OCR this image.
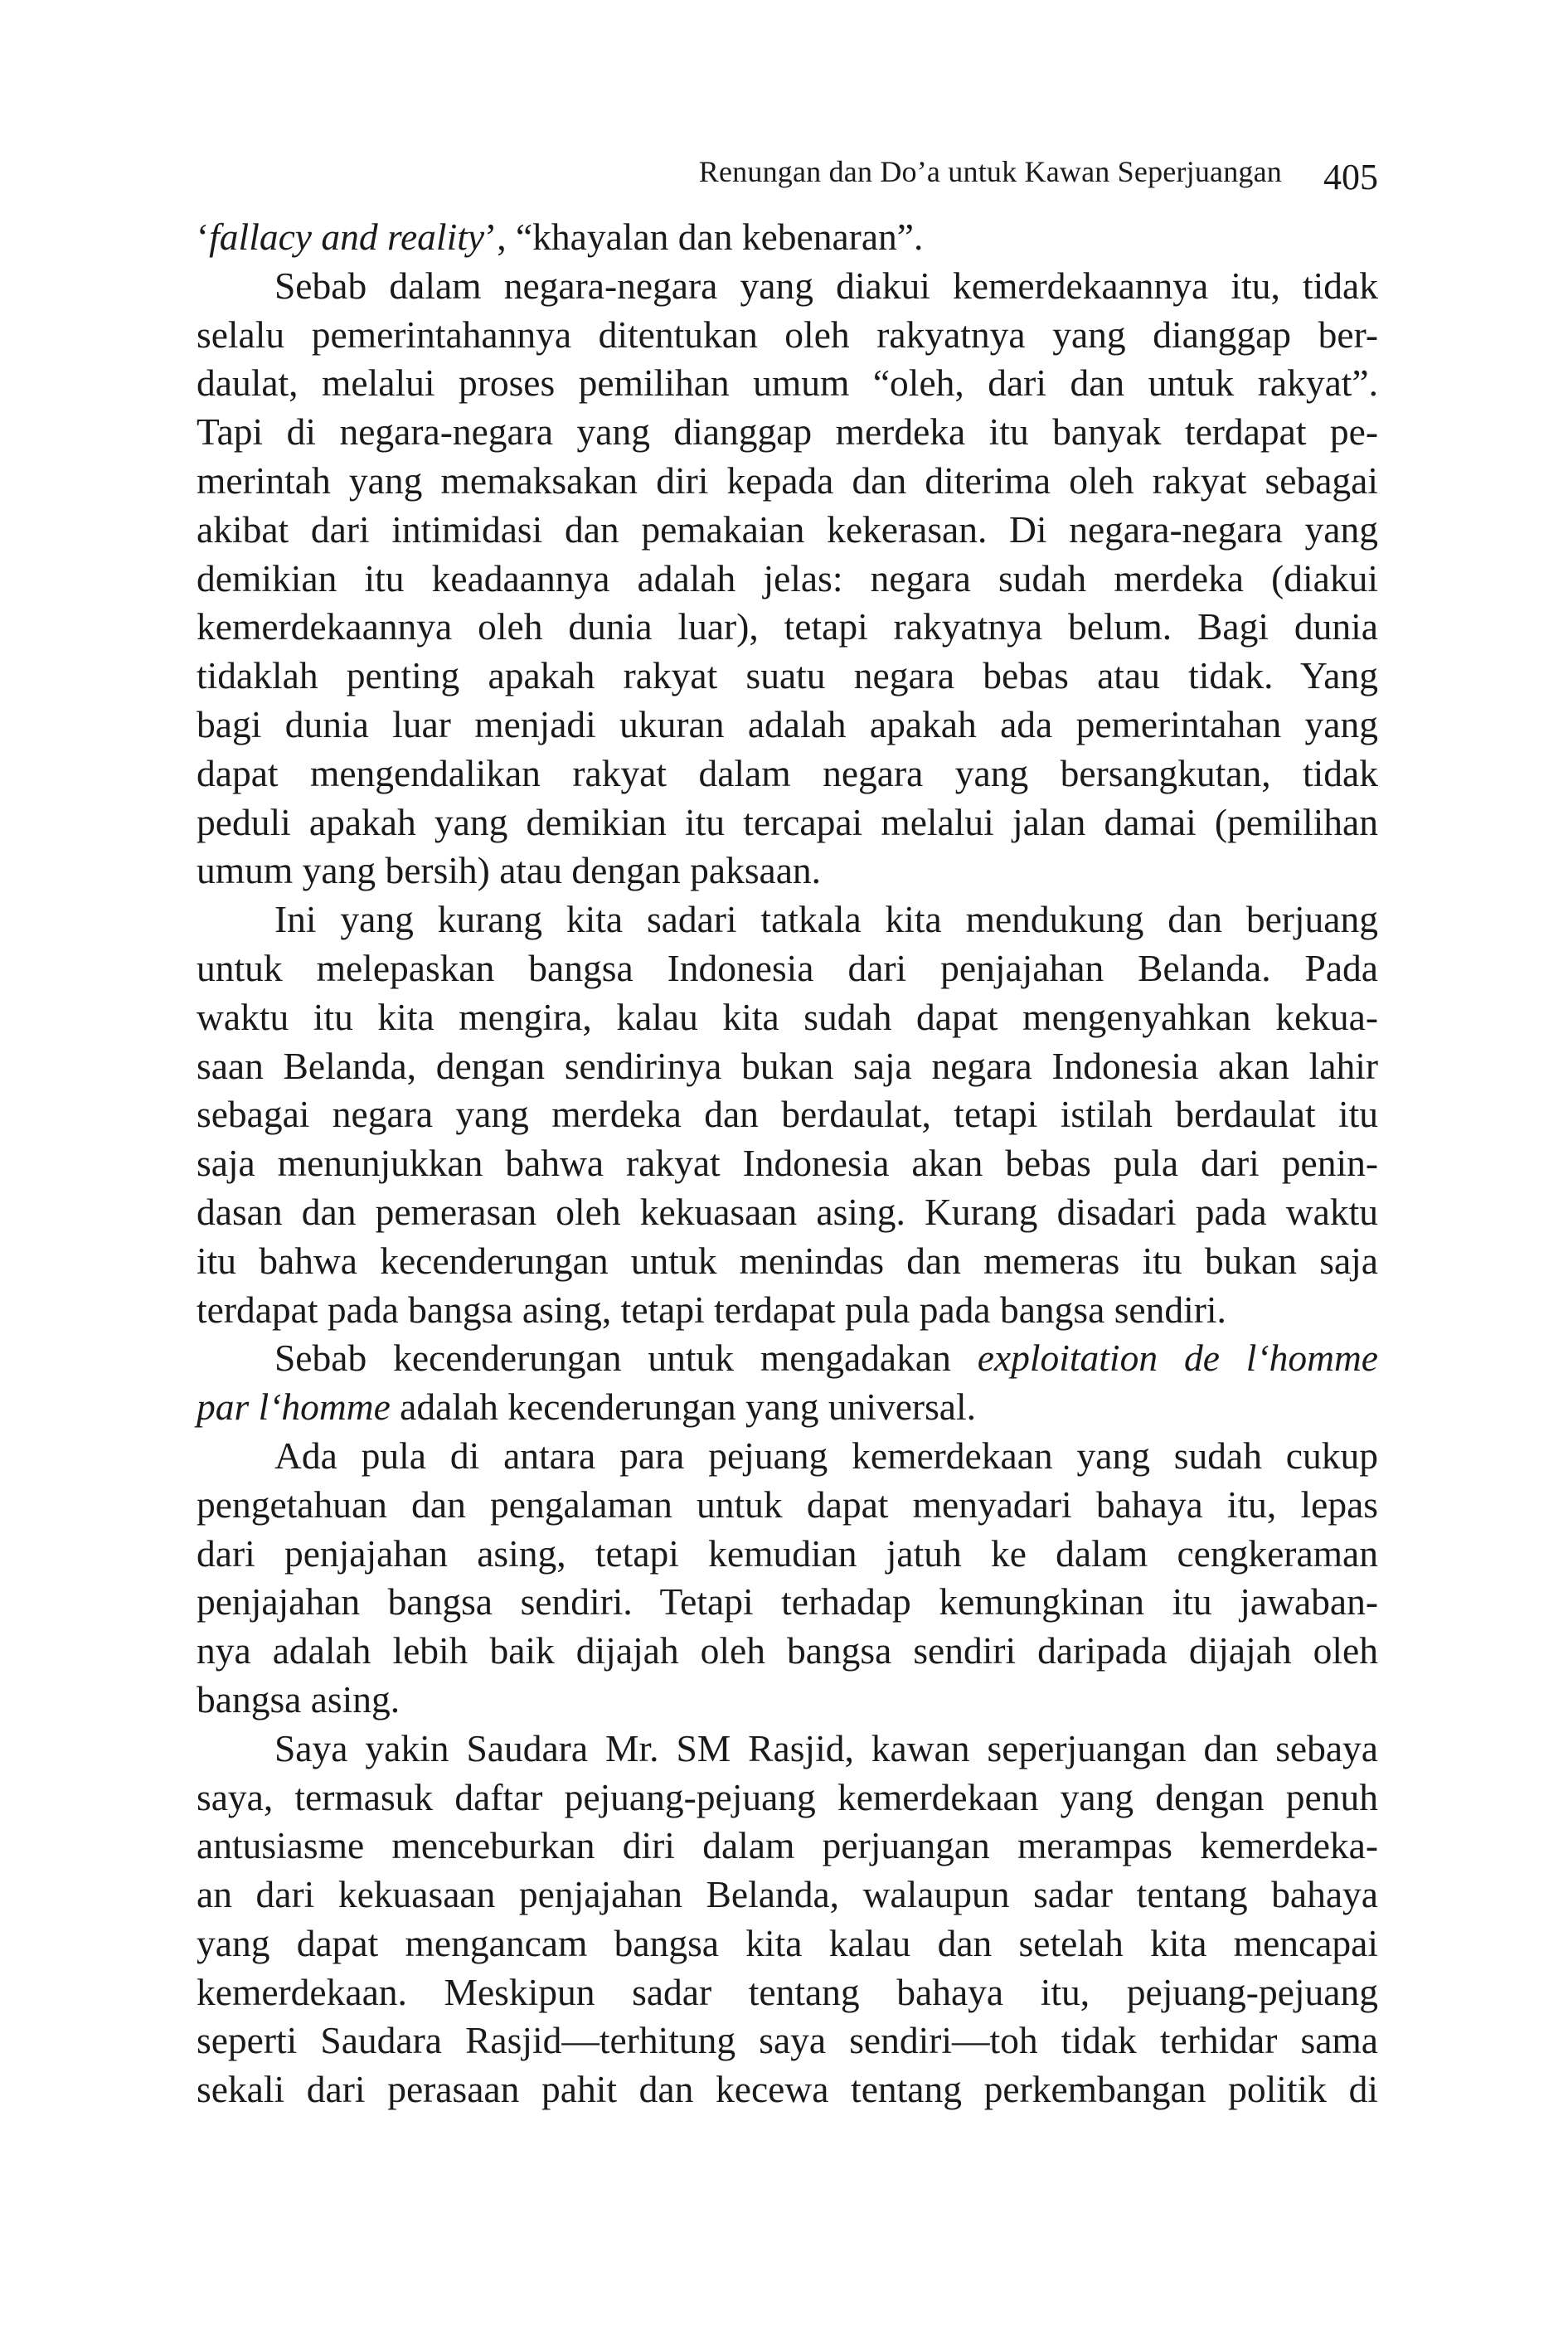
Renungan dan Do’a untuk Kawan Seperjuangan 405
‘fallacy and reality’, “khayalan dan kebenaran”.
Sebab dalam negara-negara yang diakui kemerdekaannya itu, tidak
selalu pemerintahannya ditentukan oleh rakyatnya yang dianggap ber-
daulat, melalui proses pemilihan umum “oleh, dari dan untuk rakyat”.
Tapi di negara-negara yang dianggap merdeka itu banyak terdapat pe-
merintah yang memaksakan diri kepada dan diterima oleh rakyat sebagai
akibat dari intimidasi dan pemakaian kekerasan. Di negara-negara yang
demikian itu keadaannya adalah jelas: negara sudah merdeka (diakui
kemerdekaannya oleh dunia luar), tetapi rakyatnya belum. Bagi dunia
tidaklah penting apakah rakyat suatu negara bebas atau tidak. Yang
bagi dunia luar menjadi ukuran adalah apakah ada pemerintahan yang
dapat mengendalikan rakyat dalam negara yang bersangkutan, tidak
peduli apakah yang demikian itu tercapai melalui jalan damai (pemilihan
umum yang bersih) atau dengan paksaan.
Ini yang kurang kita sadari tatkala kita mendukung dan berjuang
untuk melepaskan bangsa Indonesia dari penjajahan Belanda. Pada
waktu itu kita mengira, kalau kita sudah dapat mengenyahkan kekua-
saan Belanda, dengan sendirinya bukan saja negara Indonesia akan lahir
sebagai negara yang merdeka dan berdaulat, tetapi istilah berdaulat itu
saja menunjukkan bahwa rakyat Indonesia akan bebas pula dari penin-
dasan dan pemerasan oleh kekuasaan asing. Kurang disadari pada waktu
itu bahwa kecenderungan untuk menindas dan memeras itu bukan saja
terdapat pada bangsa asing, tetapi terdapat pula pada bangsa sendiri.
Sebab kecenderungan untuk mengadakan exploitation de l‘homme
par l‘homme adalah kecenderungan yang universal.
Ada pula di antara para pejuang kemerdekaan yang sudah cukup
pengetahuan dan pengalaman untuk dapat menyadari bahaya itu, lepas
dari penjajahan asing, tetapi kemudian jatuh ke dalam cengkeraman
penjajahan bangsa sendiri. Tetapi terhadap kemungkinan itu jawaban-
nya adalah lebih baik dijajah oleh bangsa sendiri daripada dijajah oleh
bangsa asing.
Saya yakin Saudara Mr. SM Rasjid, kawan seperjuangan dan sebaya
saya, termasuk daftar pejuang-pejuang kemerdekaan yang dengan penuh
antusiasme menceburkan diri dalam perjuangan merampas kemerdeka-
an dari kekuasaan penjajahan Belanda, walaupun sadar tentang bahaya
yang dapat mengancam bangsa kita kalau dan setelah kita mencapai
kemerdekaan. Meskipun sadar tentang bahaya itu, pejuang-pejuang
seperti Saudara Rasjid—terhitung saya sendiri—toh tidak terhidar sama
sekali dari perasaan pahit dan kecewa tentang perkembangan politik di
